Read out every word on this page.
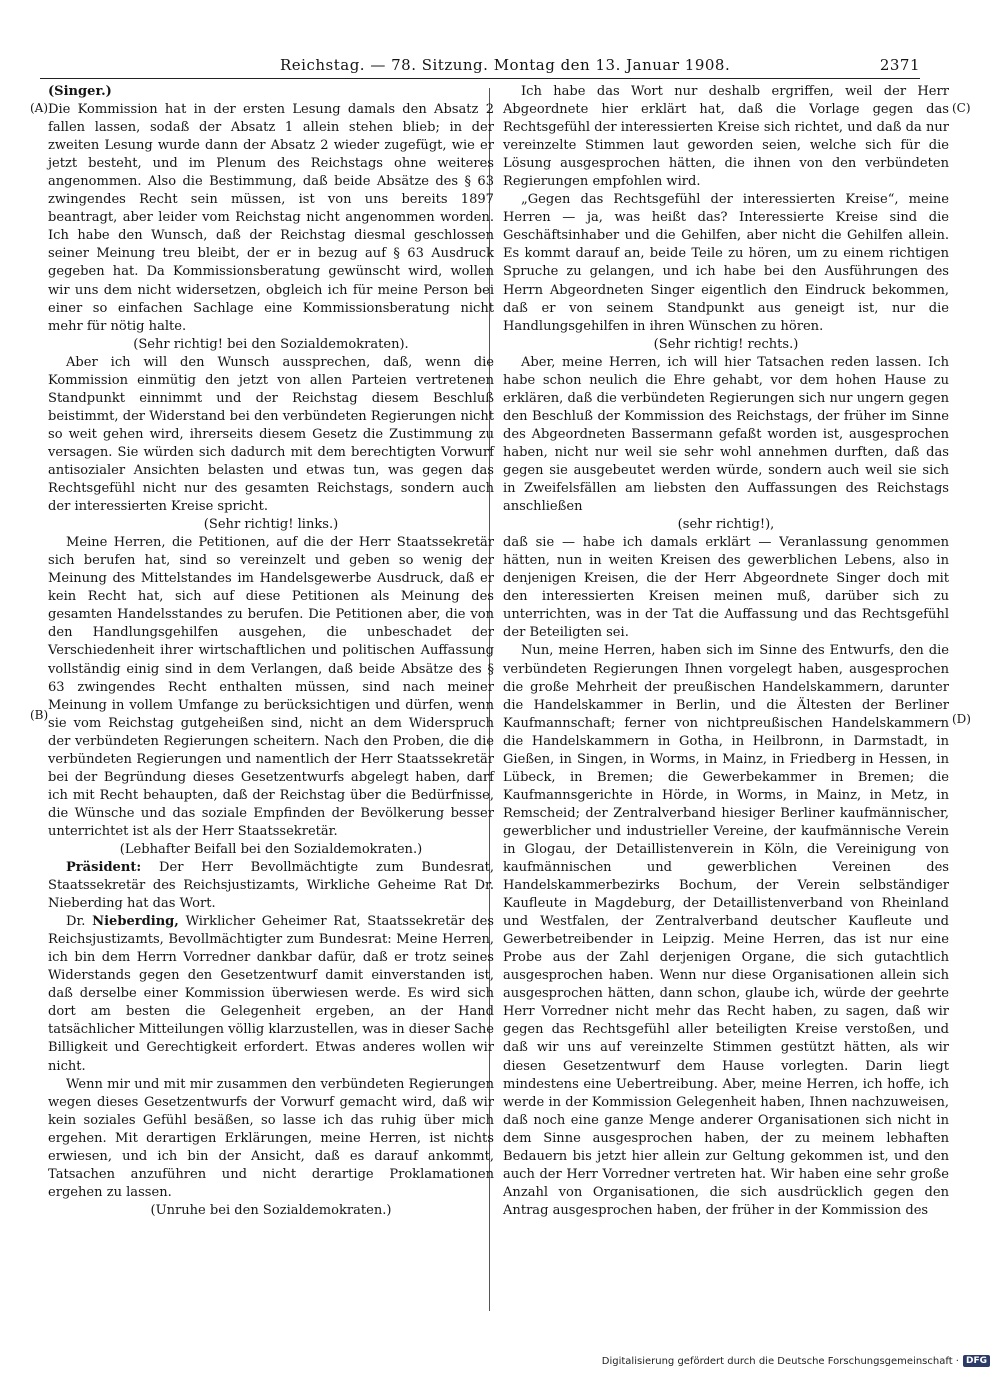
Reichstag. — 78. Sitzung. Montag den 13. Januar 1908.	2371
(A)
(B)
(C)
(D)

(Singer.)

Die Kommission hat in der ersten Lesung damals den Absatz 2 fallen lassen, sodaß der Absatz 1 allein stehen blieb; in der zweiten Lesung wurde dann der Absatz 2 wieder zugefügt, wie er jetzt besteht, und im Plenum des Reichstags ohne weiteres angenommen. Also die Bestimmung, daß beide Absätze des § 63 zwingendes Recht sein müssen, ist von uns bereits 1897 beantragt, aber leider vom Reichstag nicht angenommen worden. Ich habe den Wunsch, daß der Reichstag diesmal geschlossen seiner Meinung treu bleibt, der er in bezug auf § 63 Ausdruck gegeben hat. Da Kommissionsberatung gewünscht wird, wollen wir uns dem nicht widersetzen, obgleich ich für meine Person bei einer so einfachen Sachlage eine Kommissionsberatung nicht mehr für nötig halte.

(Sehr richtig! bei den Sozialdemokraten).

Aber ich will den Wunsch aussprechen, daß, wenn die Kommission einmütig den jetzt von allen Parteien vertretenen Standpunkt einnimmt und der Reichstag diesem Beschluß beistimmt, der Widerstand bei den verbündeten Regierungen nicht so weit gehen wird, ihrerseits diesem Gesetz die Zustimmung zu versagen. Sie würden sich dadurch mit dem berechtigten Vorwurf antisozialer Ansichten belasten und etwas tun, was gegen das Rechtsgefühl nicht nur des gesamten Reichstags, sondern auch der interessierten Kreise spricht.

(Sehr richtig! links.)

Meine Herren, die Petitionen, auf die der Herr Staatssekretär sich berufen hat, sind so vereinzelt und geben so wenig der Meinung des Mittelstandes im Handelsgewerbe Ausdruck, daß er kein Recht hat, sich auf diese Petitionen als Meinung des gesamten Handelsstandes zu berufen. Die Petitionen aber, die von den Handlungsgehilfen ausgehen, die unbeschadet der Verschiedenheit ihrer wirtschaftlichen und politischen Auffassung vollständig einig sind in dem Verlangen, daß beide Absätze des § 63 zwingendes Recht enthalten müssen, sind nach meiner Meinung in vollem Umfange zu berücksichtigen und dürfen, wenn sie vom Reichstag gutgeheißen sind, nicht an dem Widerspruch der verbündeten Regierungen scheitern. Nach den Proben, die die verbündeten Regierungen und namentlich der Herr Staatssekretär bei der Begründung dieses Gesetzentwurfs abgelegt haben, darf ich mit Recht behaupten, daß der Reichstag über die Bedürfnisse, die Wünsche und das soziale Empfinden der Bevölkerung besser unterrichtet ist als der Herr Staatssekretär.

(Lebhafter Beifall bei den Sozialdemokraten.)

Präsident: Der Herr Bevollmächtigte zum Bundesrat, Staatssekretär des Reichsjustizamts, Wirkliche Geheime Rat Dr. Nieberding hat das Wort.

Dr. Nieberding, Wirklicher Geheimer Rat, Staatssekretär des Reichsjustizamts, Bevollmächtigter zum Bundesrat: Meine Herren, ich bin dem Herrn Vorredner dankbar dafür, daß er trotz seines Widerstands gegen den Gesetzentwurf damit einverstanden ist, daß derselbe einer Kommission überwiesen werde. Es wird sich dort am besten die Gelegenheit ergeben, an der Hand tatsächlicher Mitteilungen völlig klarzustellen, was in dieser Sache Billigkeit und Gerechtigkeit erfordert. Etwas anderes wollen wir nicht.

Wenn mir und mit mir zusammen den verbündeten Regierungen wegen dieses Gesetzentwurfs der Vorwurf gemacht wird, daß wir kein soziales Gefühl besäßen, so lasse ich das ruhig über mich ergehen. Mit derartigen Erklärungen, meine Herren, ist nichts erwiesen, und ich bin der Ansicht, daß es darauf ankommt, Tatsachen anzuführen und nicht derartige Proklamationen ergehen zu lassen.

(Unruhe bei den Sozialdemokraten.)

Ich habe das Wort nur deshalb ergriffen, weil der Herr Abgeordnete hier erklärt hat, daß die Vorlage gegen das Rechtsgefühl der interessierten Kreise sich richtet, und daß da nur vereinzelte Stimmen laut geworden seien, welche sich für die Lösung ausgesprochen hätten, die ihnen von den verbündeten Regierungen empfohlen wird.

„Gegen das Rechtsgefühl der interessierten Kreise“, meine Herren — ja, was heißt das? Interessierte Kreise sind die Geschäftsinhaber und die Gehilfen, aber nicht die Gehilfen allein. Es kommt darauf an, beide Teile zu hören, um zu einem richtigen Spruche zu gelangen, und ich habe bei den Ausführungen des Herrn Abgeordneten Singer eigentlich den Eindruck bekommen, daß er von seinem Standpunkt aus geneigt ist, nur die Handlungsgehilfen in ihren Wünschen zu hören.

(Sehr richtig! rechts.)

Aber, meine Herren, ich will hier Tatsachen reden lassen. Ich habe schon neulich die Ehre gehabt, vor dem hohen Hause zu erklären, daß die verbündeten Regierungen sich nur ungern gegen den Beschluß der Kommission des Reichstags, der früher im Sinne des Abgeordneten Bassermann gefaßt worden ist, ausgesprochen haben, nicht nur weil sie sehr wohl annehmen durften, daß das gegen sie ausgebeutet werden würde, sondern auch weil sie sich in Zweifelsfällen am liebsten den Auffassungen des Reichstags anschließen

(sehr richtig!),

daß sie — habe ich damals erklärt — Veranlassung genommen hätten, nun in weiten Kreisen des gewerblichen Lebens, also in denjenigen Kreisen, die der Herr Abgeordnete Singer doch mit den interessierten Kreisen meinen muß, darüber sich zu unterrichten, was in der Tat die Auffassung und das Rechtsgefühl der Beteiligten sei.

Nun, meine Herren, haben sich im Sinne des Entwurfs, den die verbündeten Regierungen Ihnen vorgelegt haben, ausgesprochen die große Mehrheit der preußischen Handelskammern, darunter die Handelskammer in Berlin, und die Ältesten der Berliner Kaufmannschaft; ferner von nichtpreußischen Handelskammern die Handelskammern in Gotha, in Heilbronn, in Darmstadt, in Gießen, in Singen, in Worms, in Mainz, in Friedberg in Hessen, in Lübeck, in Bremen; die Gewerbekammer in Bremen; die Kaufmannsgerichte in Hörde, in Worms, in Mainz, in Metz, in Remscheid; der Zentralverband hiesiger Berliner kaufmännischer, gewerblicher und industrieller Vereine, der kaufmännische Verein in Glogau, der Detaillistenverein in Köln, die Vereinigung von kaufmännischen und gewerblichen Vereinen des Handelskammerbezirks Bochum, der Verein selbständiger Kaufleute in Magdeburg, der Detaillistenverband von Rheinland und Westfalen, der Zentralverband deutscher Kaufleute und Gewerbetreibender in Leipzig. Meine Herren, das ist nur eine Probe aus der Zahl derjenigen Organe, die sich gutachtlich ausgesprochen haben. Wenn nur diese Organisationen allein sich ausgesprochen hätten, dann schon, glaube ich, würde der geehrte Herr Vorredner nicht mehr das Recht haben, zu sagen, daß wir gegen das Rechtsgefühl aller beteiligten Kreise verstoßen, und daß wir uns auf vereinzelte Stimmen gestützt hätten, als wir diesen Gesetzentwurf dem Hause vorlegten. Darin liegt mindestens eine Uebertreibung. Aber, meine Herren, ich hoffe, ich werde in der Kommission Gelegenheit haben, Ihnen nachzuweisen, daß noch eine ganze Menge anderer Organisationen sich nicht in dem Sinne ausgesprochen haben, der zu meinem lebhaften Bedauern bis jetzt hier allein zur Geltung gekommen ist, und den auch der Herr Vorredner vertreten hat. Wir haben eine sehr große Anzahl von Organisationen, die sich ausdrücklich gegen den Antrag ausgesprochen haben, der früher in der Kommission des

Digitalisierung gefördert durch die Deutsche Forschungsgemeinschaft · DFG
